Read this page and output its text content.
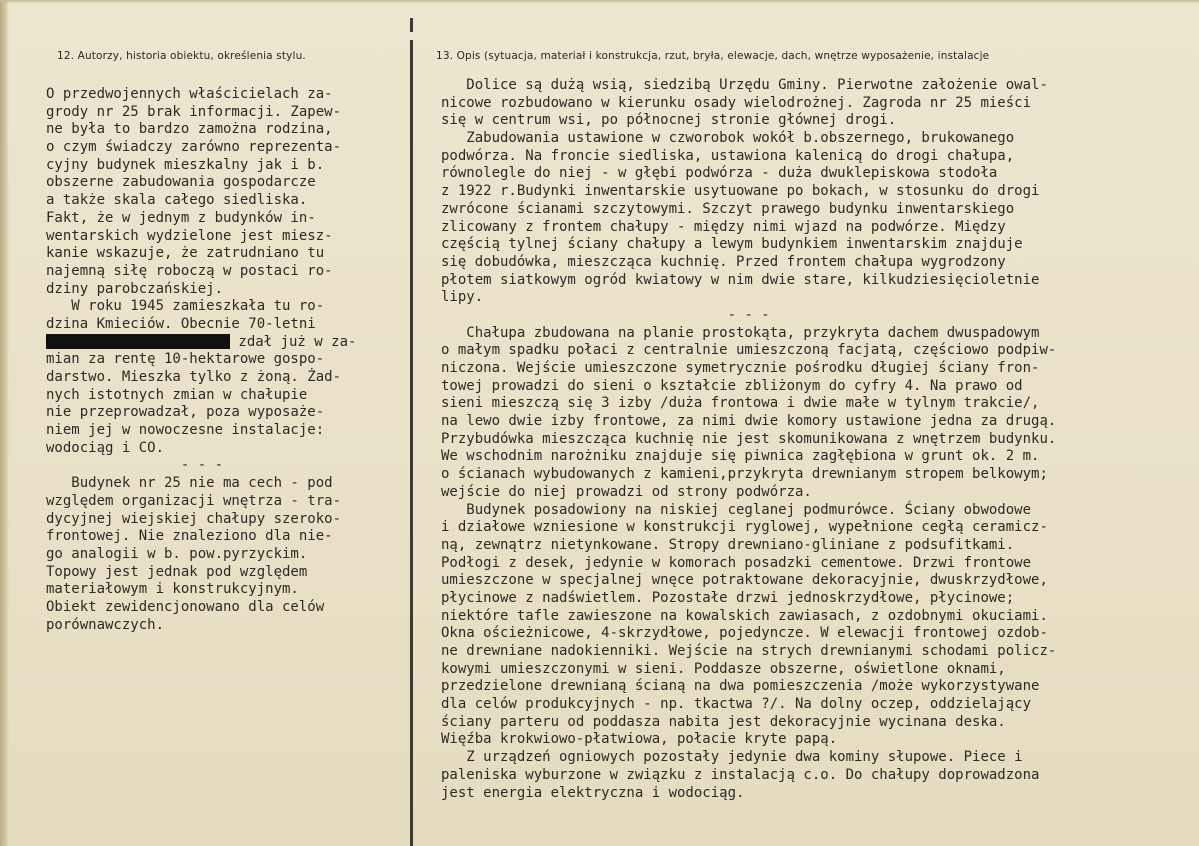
12. Autorzy, historia obiektu, określenia stylu.	13. Opis (sytuacja, materiał i konstrukcja, rzut, bryła, elewacje, dach, wnętrze wyposażenie, instalacje
O przedwojennych właścicielach za-
grody nr 25 brak informacji. Zapew-
ne była to bardzo zamożna rodzina,
o czym świadczy zarówno reprezenta-
cyjny budynek mieszkalny jak i b.
obszerne zabudowania gospodarcze
a także skala całego siedliska.
Fakt, że w jednym z budynków in-
wentarskich wydzielone jest miesz-
kanie wskazuje, że zatrudniano tu
najemną siłę roboczą w postaci ro-
dziny parobczańskiej.
W roku 1945 zamieszkała tu ro-
dzina Kmieciów. Obecnie 70-letni
zdał już w za-
mian za rentę 10-hektarowe gospo-
darstwo. Mieszka tylko z żoną. Żad-
nych istotnych zmian w chałupie
nie przeprowadzał, poza wyposaże-
niem jej w nowoczesne instalacje:
wodociąg i CO.
- - -
Budynek nr 25 nie ma cech - pod
względem organizacji wnętrza - tra-
dycyjnej wiejskiej chałupy szeroko-
frontowej. Nie znaleziono dla nie-
go analogii w b. pow.pyrzyckim.
Topowy jest jednak pod względem
materiałowym i konstrukcyjnym.
Obiekt zewidencjonowano dla celów
porównawczych.
Dolice są dużą wsią, siedzibą Urzędu Gminy. Pierwotne założenie owal-
nicowe rozbudowano w kierunku osady wielodrożnej. Zagroda nr 25 mieści
się w centrum wsi, po północnej stronie głównej drogi.
Zabudowania ustawione w czworobok wokół b.obszernego, brukowanego
podwórza. Na froncie siedliska, ustawiona kalenicą do drogi chałupa,
równolegle do niej - w głębi podwórza - duża dwuklepiskowa stodoła
z 1922 r.Budynki inwentarskie usytuowane po bokach, w stosunku do drogi
zwrócone ścianami szczytowymi. Szczyt prawego budynku inwentarskiego
zlicowany z frontem chałupy - między nimi wjazd na podwórze. Między
częścią tylnej ściany chałupy a lewym budynkiem inwentarskim znajduje
się dobudówka, mieszcząca kuchnię. Przed frontem chałupa wygrodzony
płotem siatkowym ogród kwiatowy w nim dwie stare, kilkudziesięcioletnie
lipy.
- - -
Chałupa zbudowana na planie prostokąta, przykryta dachem dwuspadowym
o małym spadku połaci z centralnie umieszczoną facjatą, częściowo podpiw-
niczona. Wejście umieszczone symetrycznie pośrodku długiej ściany fron-
towej prowadzi do sieni o kształcie zbliżonym do cyfry 4. Na prawo od
sieni mieszczą się 3 izby /duża frontowa i dwie małe w tylnym trakcie/,
na lewo dwie izby frontowe, za nimi dwie komory ustawione jedna za drugą.
Przybudówka mieszcząca kuchnię nie jest skomunikowana z wnętrzem budynku.
We wschodnim narożniku znajduje się piwnica zagłębiona w grunt ok. 2 m.
o ścianach wybudowanych z kamieni,przykryta drewnianym stropem belkowym;
wejście do niej prowadzi od strony podwórza.
Budynek posadowiony na niskiej ceglanej podmurówce. Ściany obwodowe
i działowe wzniesione w konstrukcji ryglowej, wypełnione cegłą ceramicz-
ną, zewnątrz nietynkowane. Stropy drewniano-gliniane z podsufitkami.
Podłogi z desek, jedynie w komorach posadzki cementowe. Drzwi frontowe
umieszczone w specjalnej wnęce potraktowane dekoracyjnie, dwuskrzydłowe,
płycinowe z nadświetlem. Pozostałe drzwi jednoskrzydłowe, płycinowe;
niektóre tafle zawieszone na kowalskich zawiasach, z ozdobnymi okuciami.
Okna ościeżnicowe, 4-skrzydłowe, pojedyncze. W elewacji frontowej ozdob-
ne drewniane nadokienniki. Wejście na strych drewnianymi schodami policz-
kowymi umieszczonymi w sieni. Poddasze obszerne, oświetlone oknami,
przedzielone drewnianą ścianą na dwa pomieszczenia /może wykorzystywane
dla celów produkcyjnych - np. tkactwa ?/. Na dolny oczep, oddzielający
ściany parteru od poddasza nabita jest dekoracyjnie wycinana deska.
Więźba krokwiowo-płatwiowa, połacie kryte papą.
Z urządzeń ogniowych pozostały jedynie dwa kominy słupowe. Piece i
paleniska wyburzone w związku z instalacją c.o. Do chałupy doprowadzona
jest energia elektryczna i wodociąg.
